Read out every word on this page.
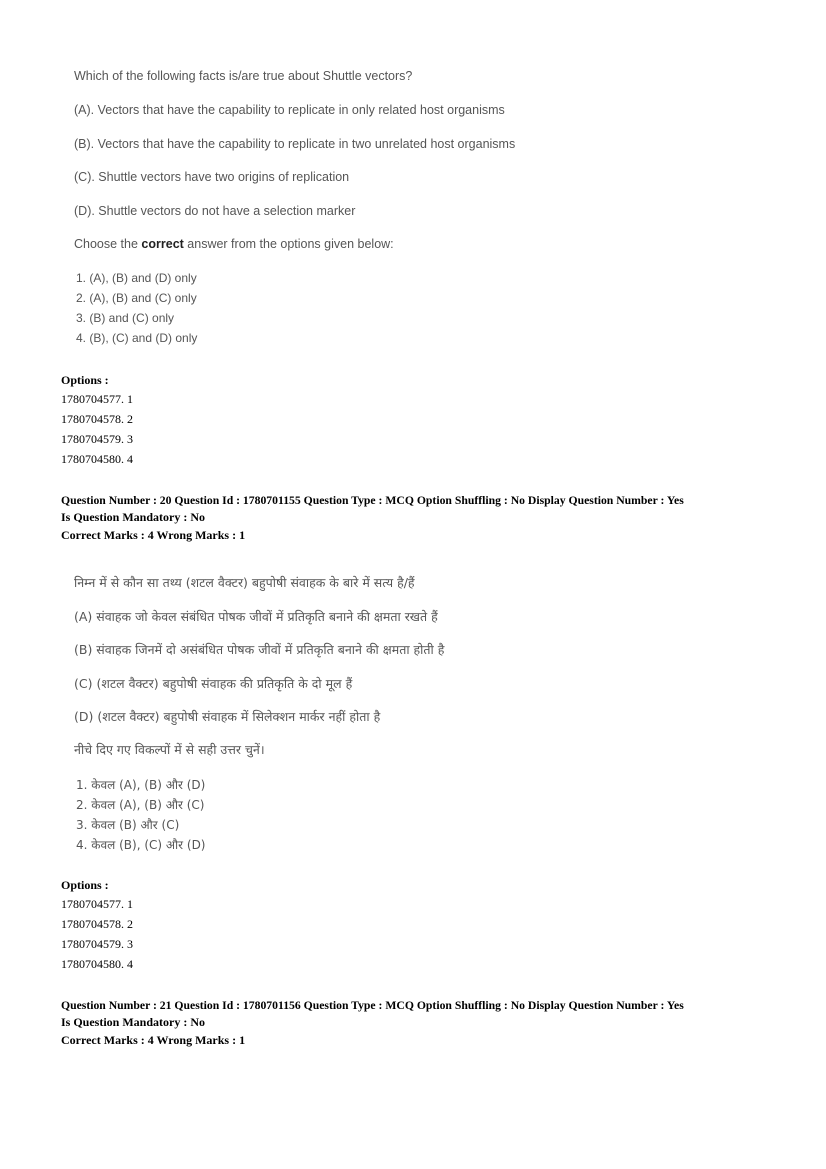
Which of the following facts is/are true about Shuttle vectors?
(A). Vectors that have the capability to replicate in only related host organisms
(B). Vectors that have the capability to replicate in two unrelated host organisms
(C). Shuttle vectors have two origins of replication
(D). Shuttle vectors do not have a selection marker
Choose the correct answer from the options given below:
1. (A), (B) and (D) only
2. (A), (B) and (C) only
3. (B) and (C) only
4. (B), (C) and (D) only
Options :
1780704577. 1
1780704578. 2
1780704579. 3
1780704580. 4
Question Number : 20 Question Id : 1780701155 Question Type : MCQ Option Shuffling : No Display Question Number : Yes
Is Question Mandatory : No
Correct Marks : 4 Wrong Marks : 1
निम्न में से कौन सा तथ्य (शटल वैक्टर) बहुपोषी संवाहक के बारे में सत्य है/हैं
(A) संवाहक जो केवल संबंधित पोषक जीवों में प्रतिकृति बनाने की क्षमता रखते हैं
(B) संवाहक जिनमें दो असंबंधित पोषक जीवों में प्रतिकृति बनाने की क्षमता होती है
(C) (शटल वैक्टर) बहुपोषी संवाहक की प्रतिकृति के दो मूल हैं
(D) (शटल वैक्टर) बहुपोषी संवाहक में सिलेक्शन मार्कर नहीं होता है
नीचे दिए गए विकल्पों में से सही उत्तर चुनें।
1. केवल (A), (B) और (D)
2. केवल (A), (B) और (C)
3. केवल (B) और (C)
4. केवल (B), (C) और (D)
Options :
1780704577. 1
1780704578. 2
1780704579. 3
1780704580. 4
Question Number : 21 Question Id : 1780701156 Question Type : MCQ Option Shuffling : No Display Question Number : Yes
Is Question Mandatory : No
Correct Marks : 4 Wrong Marks : 1
